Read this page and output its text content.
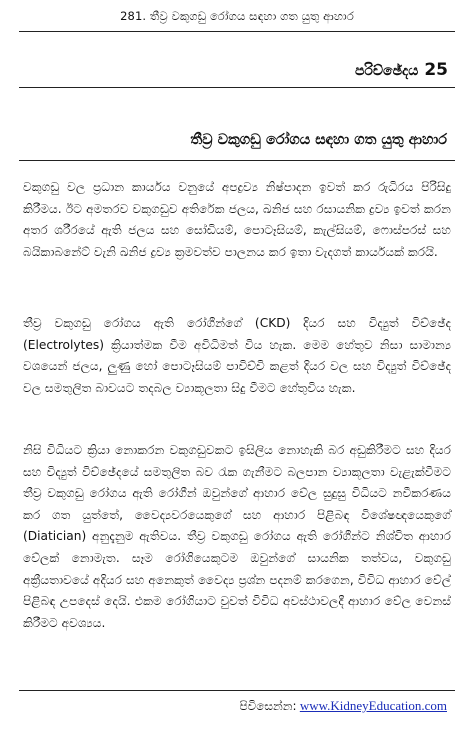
281. තීව්‍ර වකුගඩු රෝගය සඳහා ගත යුතු ආහාර
පරිච්ඡේදය 25
තීව්‍ර වකුගඩු රෝගය සඳහා ගත යුතු ආහාර

වකුගඩු වල ප්‍රධාන කාර්යය වනුයේ අපද්‍රව්‍ය නිෂ්පාදන ඉවත් කර රුධිරය පිරිසිදු කිරීමය. ඊට අමතරව වකුගඩුව අතිරේක ජලය, ඛනිජ සහ රසායනික ද්‍රව්‍ය ඉවත් කරන අතර ශරීරයේ ඇති ජලය සහ සෝඩියම්, පොටෑසියම්, කැල්සියම්, ෆොස්පරස් සහ බයිකාබනේට් වැනි ඛනිජ ද්‍රව්‍ය ක්‍රමවත්ව පාලනය කර ඉතා වැදගත් කාර්යයක් කරයි.

තීව්‍ර වකුගඩු රෝගය ඇති රෝගීන්ගේ (CKD) දියර සහ විද්‍යුත් විච්ඡේද (Electrolytes) ක්‍රියාත්මක වීම අවිධිමත් විය හැක. මෙම හේතුව නිසා සාමාන්‍ය වශයෙන් ජලය, ලුණු හෝ පොටෑසියම් පාවිච්චි කළත් දියර වල සහ විද්‍යුත් විච්ඡේද වල සමතුලිත බාවයට තදබල ව්‍යාකූලතා සිදු වීමට හේතුවිය හැක.

නිසි විධියට ක්‍රියා නොකරන වකුගඩුවකට ඉසිලිය නොහැකි බර අඩුකිරීමට සහ දියර සහ විද්‍යුත් විච්ඡේදයේ සමතුලිත බව රැක ගැනීමට බලපාන ව්‍යාකූලතා වැළැක්වීමට තීව්‍ර වකුගඩු රෝගය ඇති රෝගීන් ඔවුන්ගේ ආහාර වේල සුදුසු විධියට නවීකරණය කර ගත යුත්තේ, වෛද්‍යවරයෙකුගේ සහ ආහාර පිළිබඳ විශේෂඥයෙකුගේ (Diatician) අනුදැනුම ඇතිවය. තීව්‍ර වකුගඩු රෝගය ඇති රෝගීන්ට නිශ්චිත ආහාර වේලක් නොමැත. සෑම රෝගියෙකුටම ඔවුන්ගේ සායනික තත්වය, වකුගඩු අක්‍රීයතාවයේ අදියර සහ අනෙකුත් වෛද්‍ය ප්‍රශ්න පදනම් කරගෙන, විවිධ ආහාර වේල් පිළිබඳ උපදෙස් දෙයි. එකම රෝගියාට වුවත් විවිධ අවස්ථාවලදී ආහාර වේල වෙනස් කිරීමට අවශ්‍යය.

පිවිසෙන්න: www.KidneyEducation.com
